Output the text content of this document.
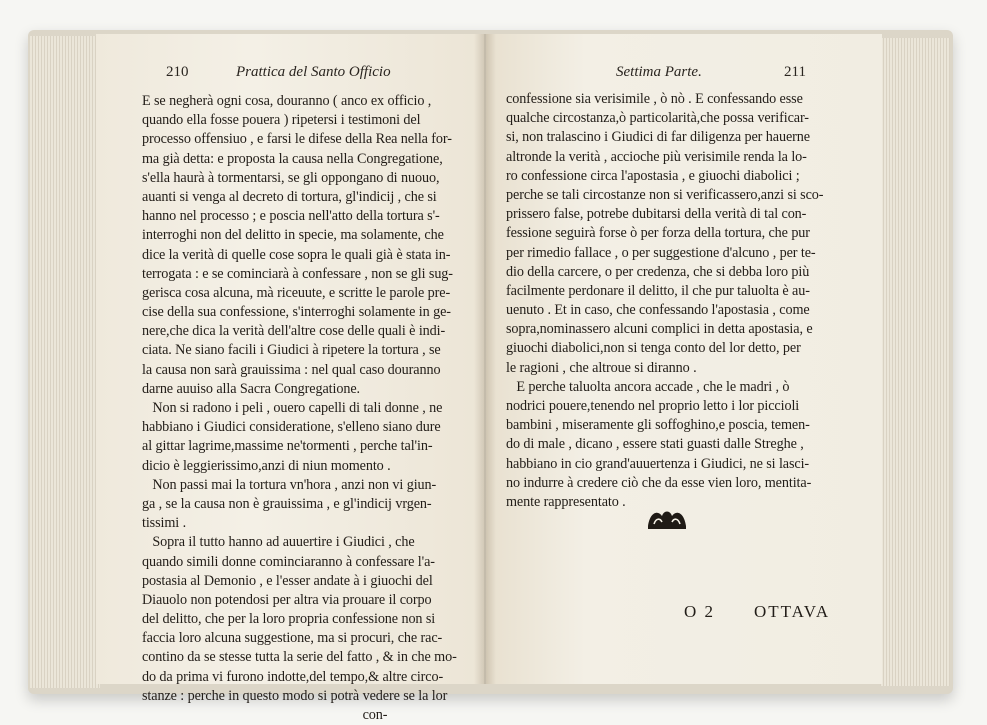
210	Prattica del Santo Officio
E se negherà ogni cosa, douranno ( anco ex officio ,
quando ella fosse pouera ) ripetersi i testimoni del
processo offensiuo , e farsi le difese della Rea nella for-
ma già detta: e proposta la causa nella Congregatione,
s'ella haurà à tormentarsi, se gli oppongano di nuouo,
auanti si venga al decreto di tortura, gl'indicij , che si
hanno nel processo ; e poscia nell'atto della tortura s'-
interroghi non del delitto in specie, ma solamente, che
dice la verità di quelle cose sopra le quali già è stata in-
terrogata : e se cominciarà à confessare , non se gli sug-
gerisca cosa alcuna, mà riceuute, e scritte le parole pre-
cise della sua confessione, s'interroghi solamente in ge-
nere,che dica la verità dell'altre cose delle quali è indi-
ciata. Ne siano facili i Giudici à ripetere la tortura , se
la causa non sarà grauissima : nel qual caso douranno
darne auuiso alla Sacra Congregatione.
Non si radono i peli , ouero capelli di tali donne , ne
habbiano i Giudici consideratione, s'elleno siano dure
al gittar lagrime,massime ne'tormenti , perche tal'in-
dicio è leggierissimo,anzi di niun momento .
Non passi mai la tortura vn'hora , anzi non vi giun-
ga , se la causa non è grauissima , e gl'indicij vrgen-
tissimi .
Sopra il tutto hanno ad auuertire i Giudici , che
quando simili donne cominciaranno à confessare l'a-
postasia al Demonio , e l'esser andate à i giuochi del
Diauolo non potendosi per altra via prouare il corpo
del delitto, che per la loro propria confessione non si
faccia loro alcuna suggestione, ma si procuri, che rac-
contino da se stesse tutta la serie del fatto , & in che mo-
do da prima vi furono indotte,del tempo,& altre circo-
stanze : perche in questo modo si potrà vedere se la lor
con-
Settima Parte.	211
confessione sia verisimile , ò nò . E confessando esse
qualche circostanza,ò particolarità,che possa verificar-
si, non tralascino i Giudici di far diligenza per hauerne
altronde la verità , accioche più verisimile renda la lo-
ro confessione circa l'apostasia , e giuochi diabolici ;
perche se tali circostanze non si verificassero,anzi si sco-
prissero false, potrebe dubitarsi della verità di tal con-
fessione seguirà forse ò per forza della tortura, che pur
per rimedio fallace , o per suggestione d'alcuno , per te-
dio della carcere, o per credenza, che si debba loro più
facilmente perdonare il delitto, il che pur taluolta è au-
uenuto . Et in caso, che confessando l'apostasia , come
sopra,nominassero alcuni complici in detta apostasia, e
giuochi diabolici,non si tenga conto del lor detto, per
le ragioni , che altroue si diranno .
E perche taluolta ancora accade , che le madri , ò
nodrici pouere,tenendo nel proprio letto i lor piccioli
bambini , miseramente gli soffoghino,e poscia, temen-
do di male , dicano , essere stati guasti dalle Streghe ,
habbiano in cio grand'auuertenza i Giudici, ne si lasci-
no indurre à credere ciò che da esse vien loro, mentita-
mente rappresentato .
O 2 OTTAVA
